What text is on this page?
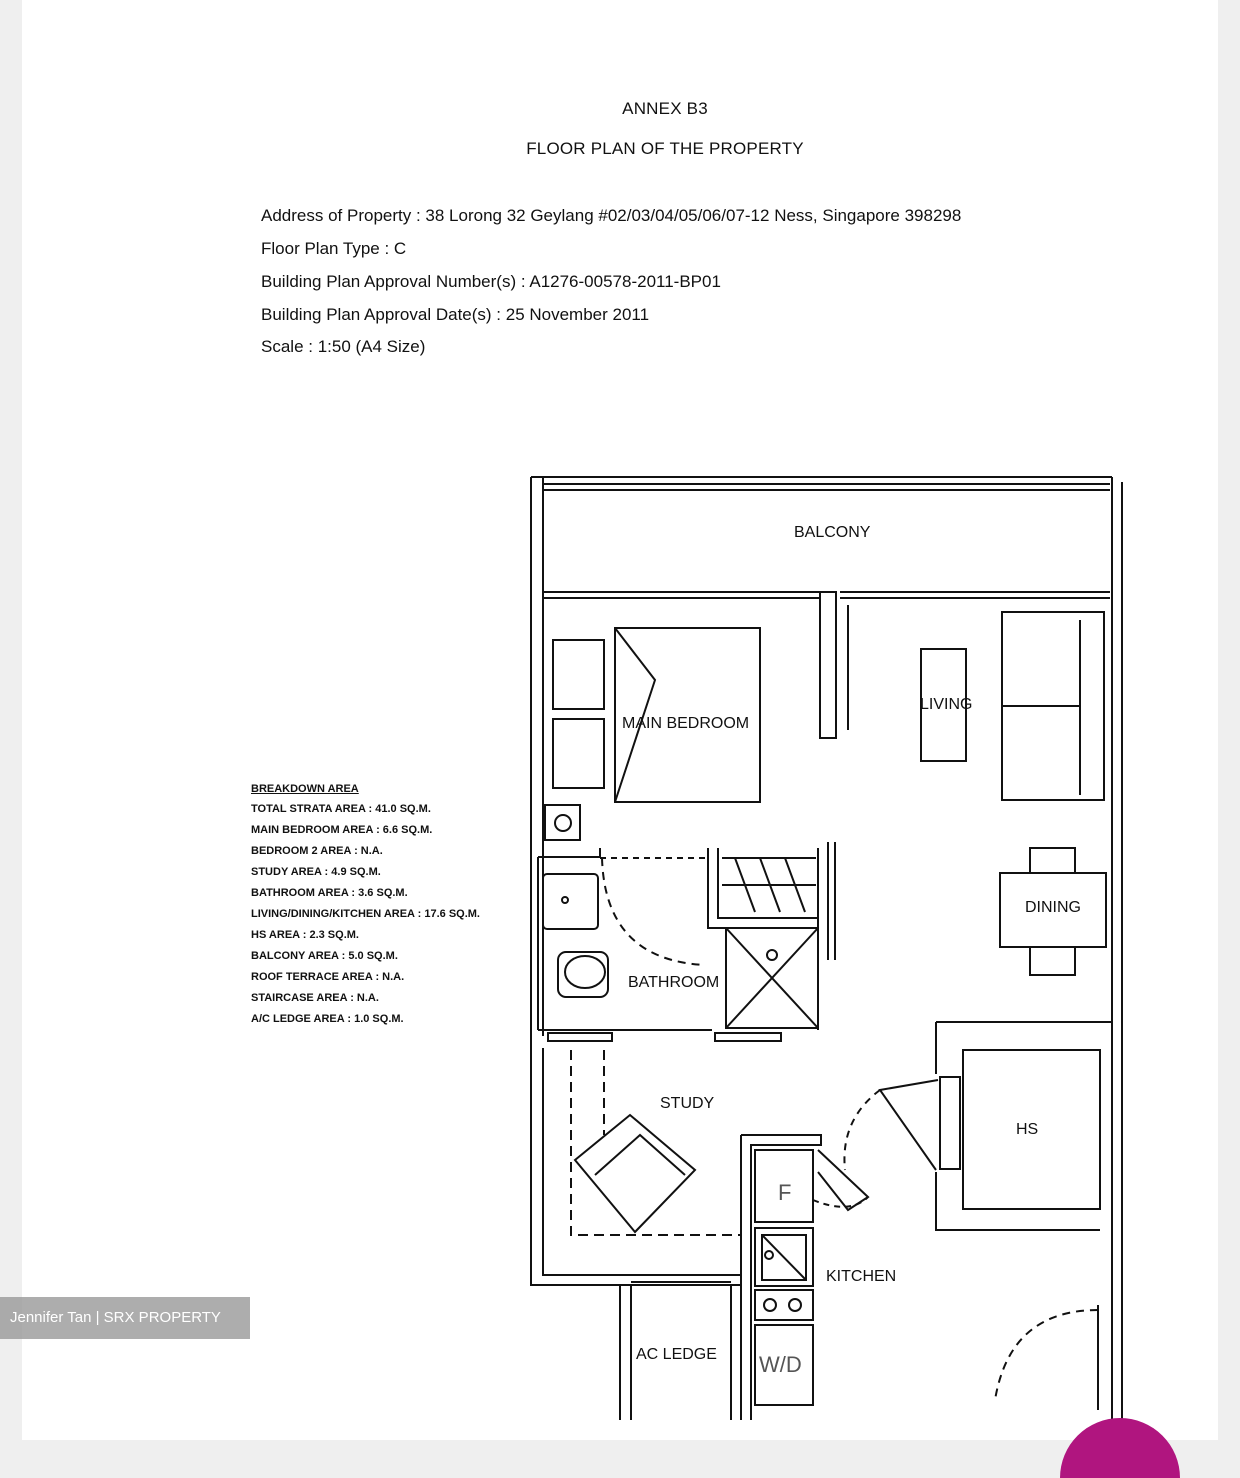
ANNEX B3
FLOOR PLAN OF THE PROPERTY
Address of Property : 38 Lorong 32 Geylang #02/03/04/05/06/07-12 Ness, Singapore 398298
Floor Plan Type : C
Building Plan Approval Number(s) : A1276-00578-2011-BP01
Building Plan Approval Date(s) : 25 November 2011
Scale : 1:50 (A4 Size)
BREAKDOWN AREA
TOTAL STRATA AREA : 41.0 SQ.M.
MAIN BEDROOM AREA : 6.6 SQ.M.
BEDROOM 2 AREA : N.A.
STUDY AREA : 4.9 SQ.M.
BATHROOM AREA : 3.6 SQ.M.
LIVING/DINING/KITCHEN AREA : 17.6 SQ.M.
HS AREA : 2.3 SQ.M.
BALCONY AREA : 5.0 SQ.M.
ROOF TERRACE AREA : N.A.
STAIRCASE AREA : N.A.
A/C LEDGE AREA : 1.0 SQ.M.
BALCONY
MAIN BEDROOM
LIVING
DINING
BATHROOM
STUDY
HS
KITCHEN
AC LEDGE
F
W/D
Jennifer Tan | SRX PROPERTY
